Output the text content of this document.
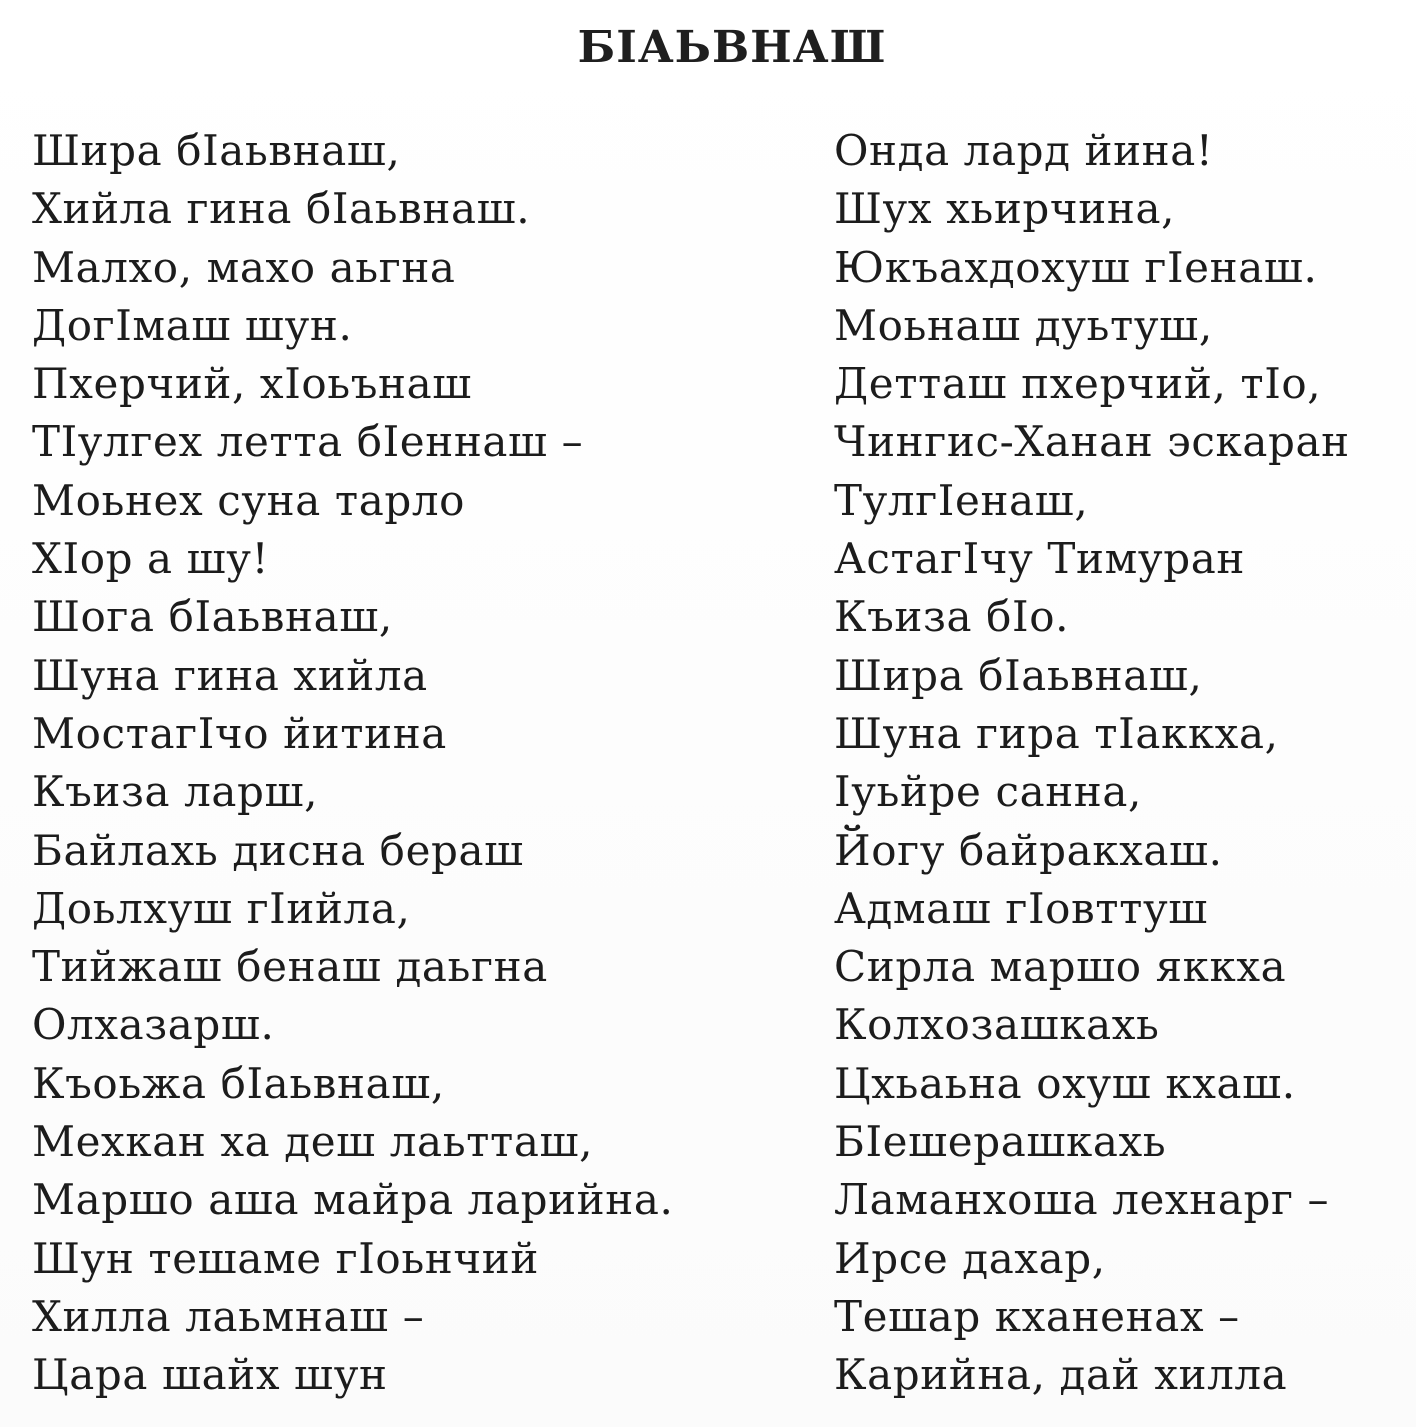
БІАЬВНАШ
Шира бІаьвнаш,
Хийла гина бІаьвнаш.
Малхо, махо аьгна
ДогІмаш шун.
Пхерчий, хІоьънаш
ТІулгех летта бІеннаш –
Моьнех суна тарло
ХІор а шу!
Шога бІаьвнаш,
Шуна гина хийла
МостагІчо йитина
Къиза ларш,
Байлахь дисна бераш
Доьлхуш гІийла,
Тийжаш бенаш даьгна
Олхазарш.
Къоьжа бІаьвнаш,
Мехкан ха деш лаьтташ,
Маршо аша майра ларийна.
Шун тешаме гІоьнчий
Хилла лаьмнаш –
Цара шайх шун
Онда лард йина!
Шух хьирчина,
Юкъахдохуш гІенаш.
Моьнаш дуьтуш,
Детташ пхерчий, тІо,
Чингис-Ханан эскаран
ТулгІенаш,
АстагІчу Тимуран
Къиза бІо.
Шира бІаьвнаш,
Шуна гира тІаккха,
Іуьйре санна,
Йогу байракхаш.
Адмаш гІовттуш
Сирла маршо яккха
Колхозашкахь
Цхьаьна охуш кхаш.
БІешерашкахь
Ламанхоша лехнарг –
Ирсе дахар,
Тешар кханенах –
Карийна, дай хилла
